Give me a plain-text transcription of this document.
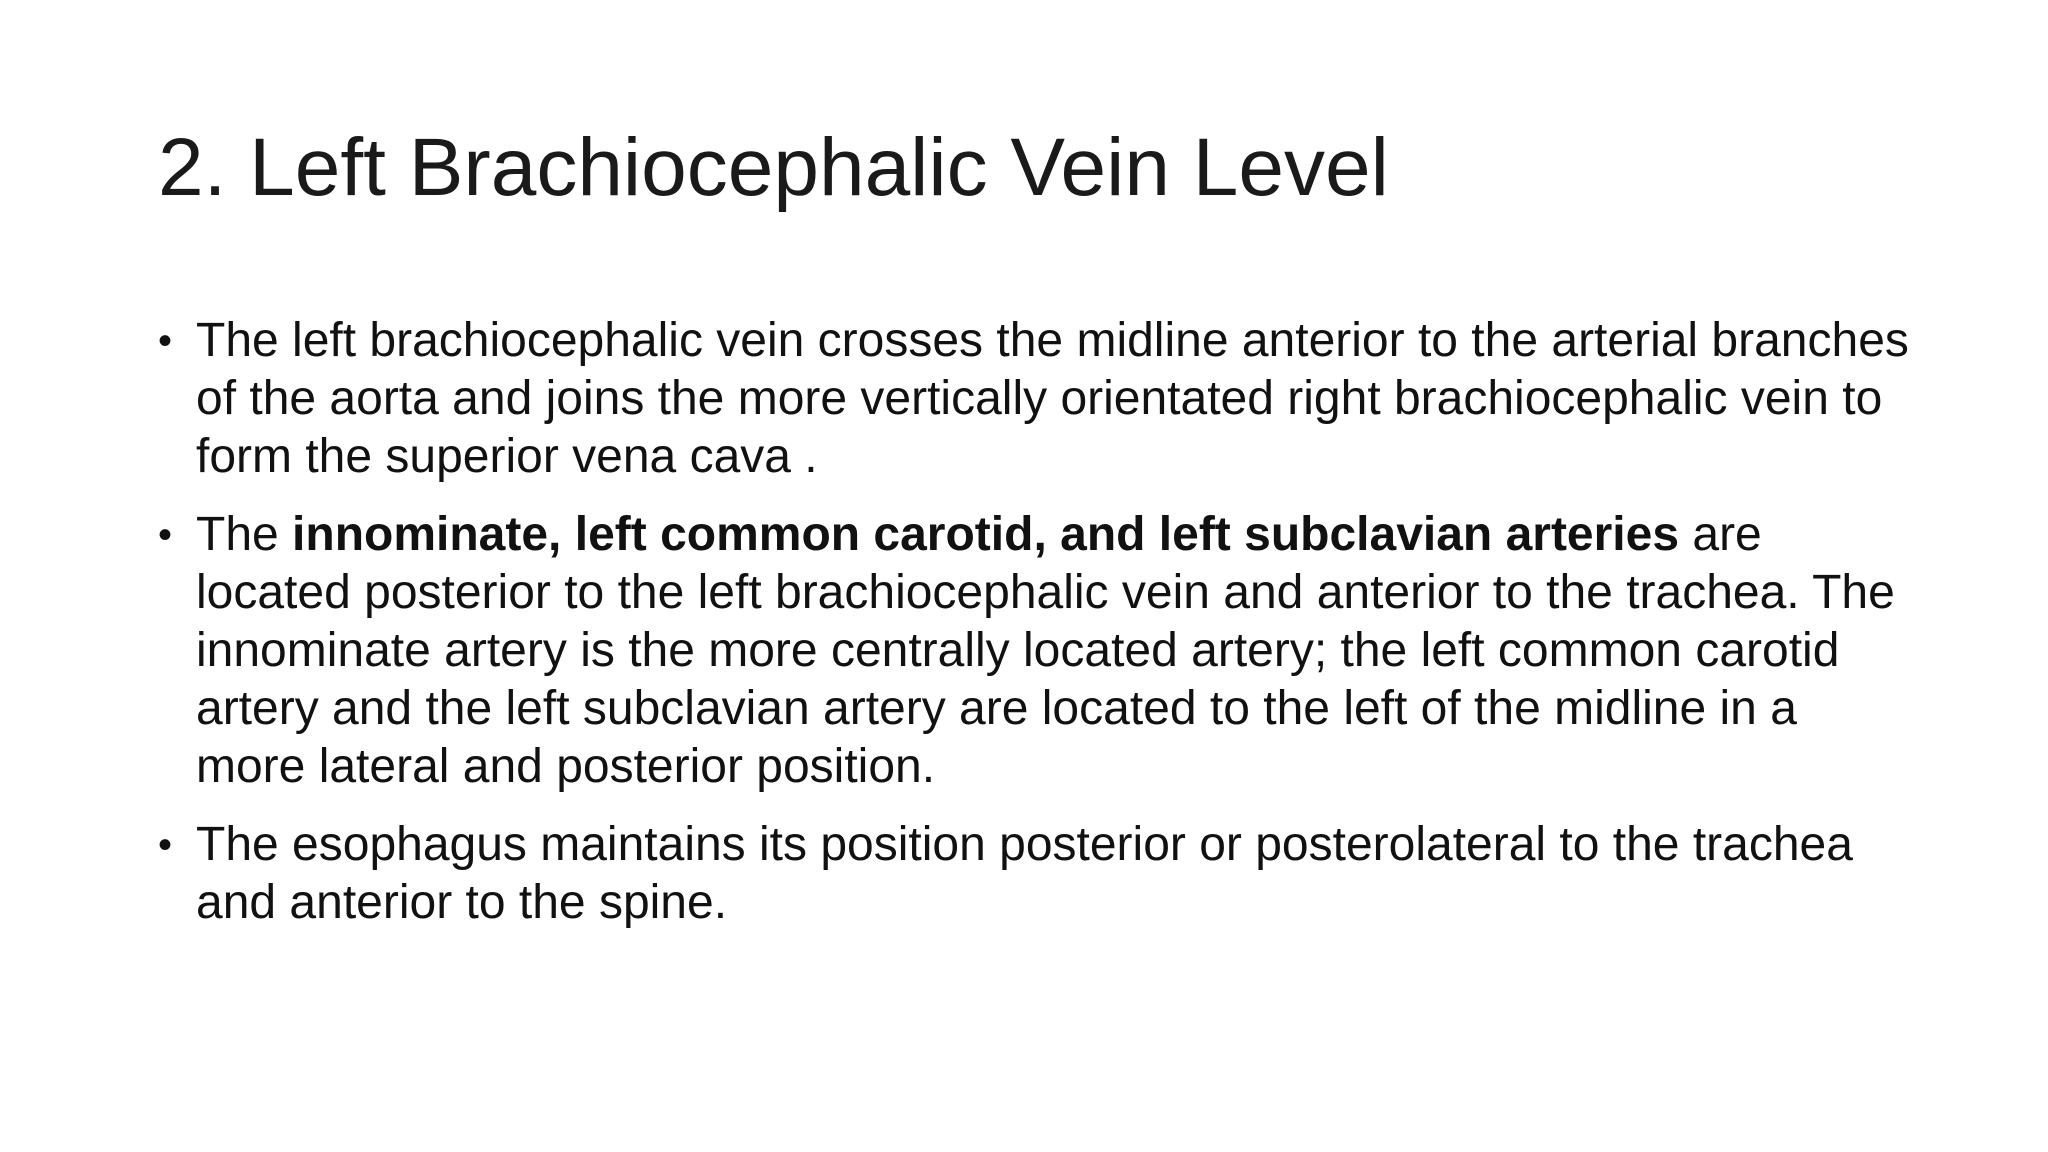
2. Left Brachiocephalic Vein Level
• The left brachiocephalic vein crosses the midline anterior to the arterial branches of the aorta and joins the more vertically orientated right brachiocephalic vein to form the superior vena cava .
• The innominate, left common carotid, and left subclavian arteries are located posterior to the left brachiocephalic vein and anterior to the trachea. The innominate artery is the more centrally located artery; the left common carotid artery and the left subclavian artery are located to the left of the midline in a more lateral and posterior position.
• The esophagus maintains its position posterior or posterolateral to the trachea and anterior to the spine.
